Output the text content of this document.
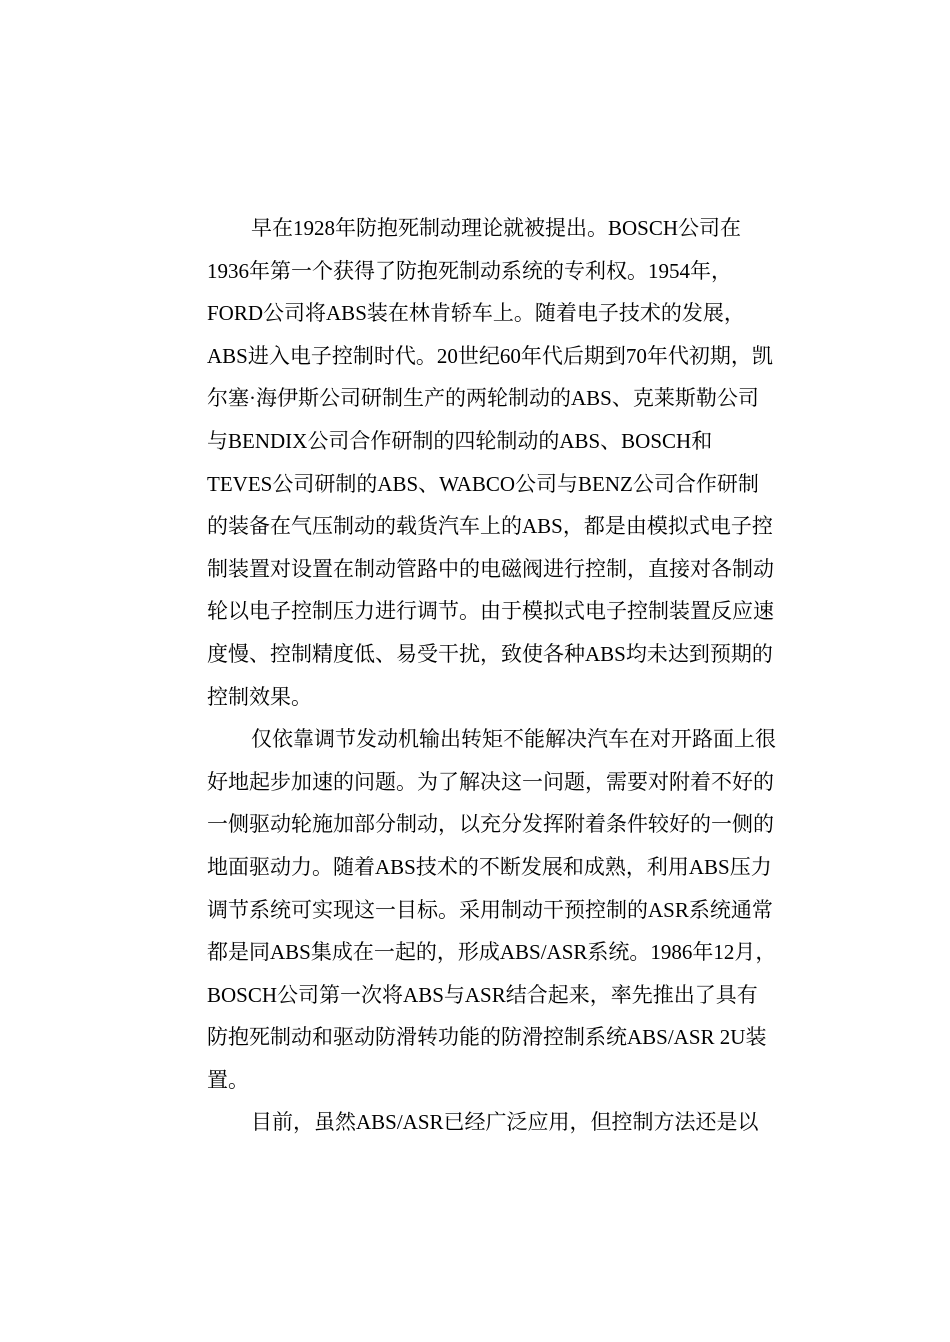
早在1928年防抱死制动理论就被提出。BOSCH公司在

1936年第一个获得了防抱死制动系统的专利权。1954年，

FORD公司将ABS装在林肯轿车上。随着电子技术的发展，

ABS进入电子控制时代。20世纪60年代后期到70年代初期，凯

尔塞·海伊斯公司研制生产的两轮制动的ABS、克莱斯勒公司

与BENDIX公司合作研制的四轮制动的ABS、BOSCH和

TEVES公司研制的ABS、WABCO公司与BENZ公司合作研制

的装备在气压制动的载货汽车上的ABS，都是由模拟式电子控

制装置对设置在制动管路中的电磁阀进行控制，直接对各制动

轮以电子控制压力进行调节。由于模拟式电子控制装置反应速

度慢、控制精度低、易受干扰，致使各种ABS均未达到预期的

控制效果。

仅依靠调节发动机输出转矩不能解决汽车在对开路面上很

好地起步加速的问题。为了解决这一问题，需要对附着不好的

一侧驱动轮施加部分制动，以充分发挥附着条件较好的一侧的

地面驱动力。随着ABS技术的不断发展和成熟，利用ABS压力

调节系统可实现这一目标。采用制动干预控制的ASR系统通常

都是同ABS集成在一起的，形成ABS/ASR系统。1986年12月，

BOSCH公司第一次将ABS与ASR结合起来，率先推出了具有

防抱死制动和驱动防滑转功能的防滑控制系统ABS/ASR 2U装

置。

目前，虽然ABS/ASR已经广泛应用，但控制方法还是以
